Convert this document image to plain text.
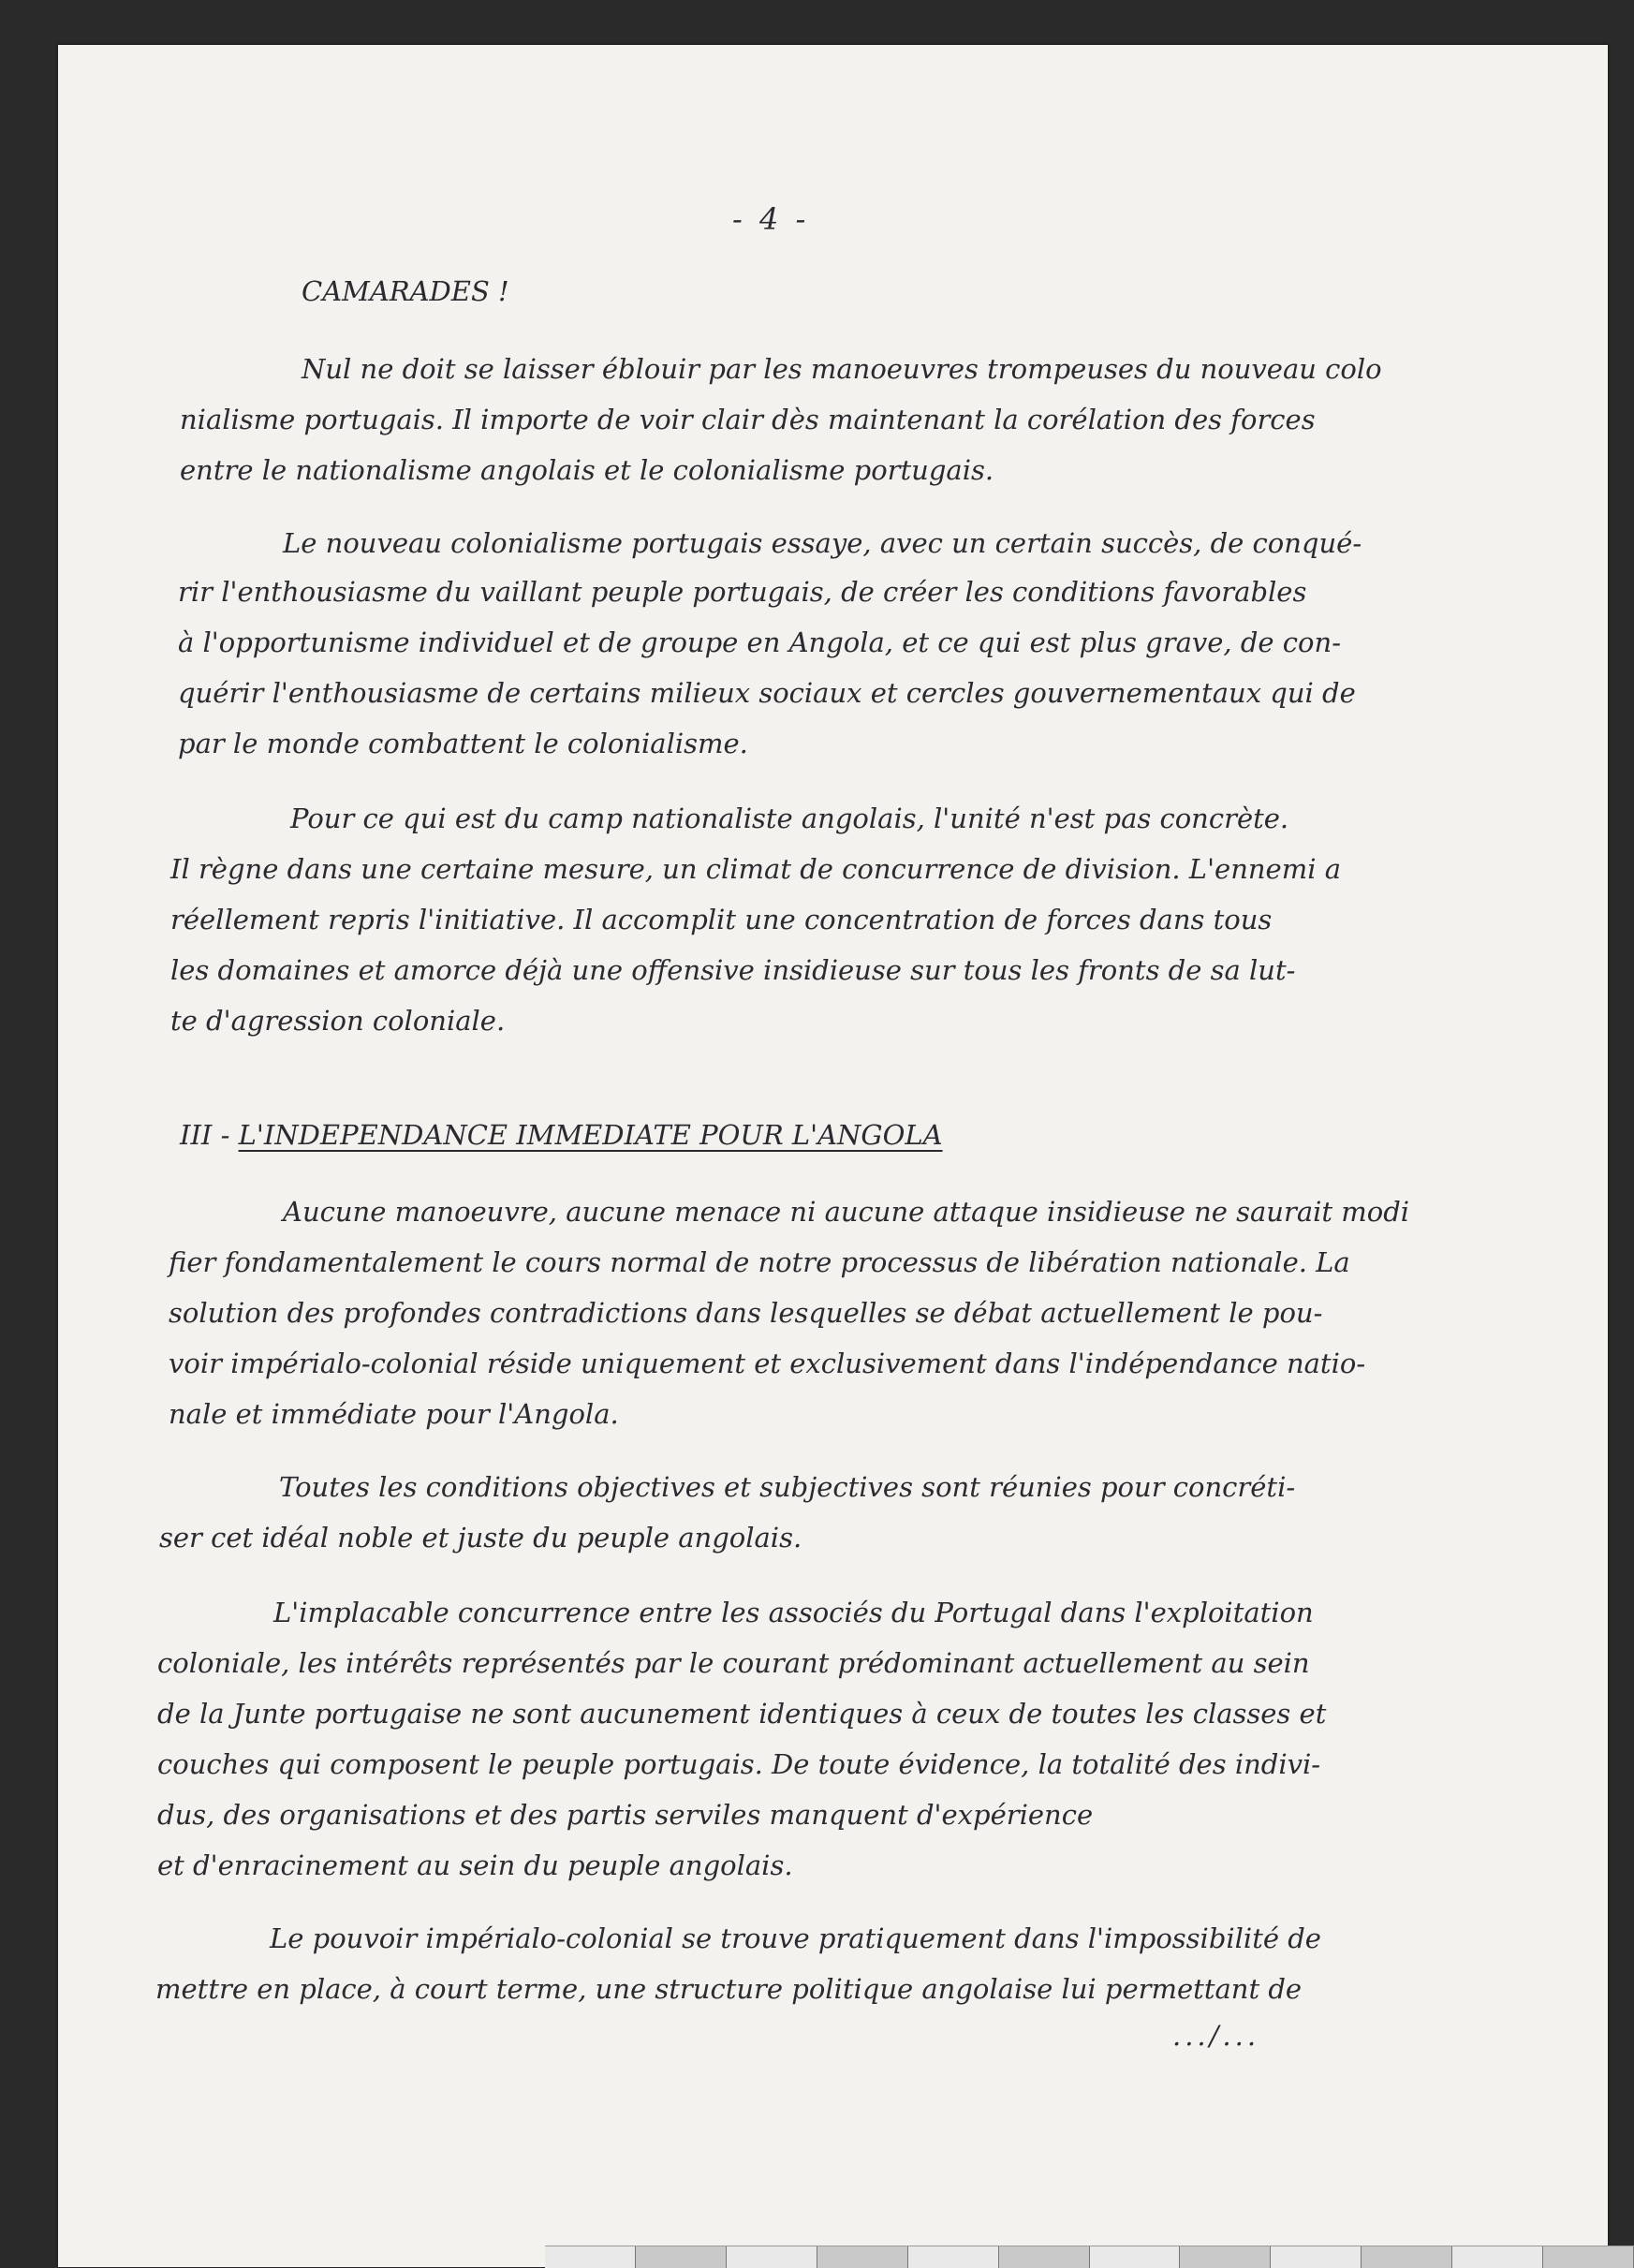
- 4 -
CAMARADES !
Nul ne doit se laisser éblouir par les manoeuvres trompeuses du nouveau colo
nialisme portugais. Il importe de voir clair dès maintenant la corélation des forces
entre le nationalisme angolais et le colonialisme portugais.
Le nouveau colonialisme portugais essaye, avec un certain succès, de conqué-
rir l'enthousiasme du vaillant peuple portugais, de créer les conditions favorables
à l'opportunisme individuel et de groupe en Angola, et ce qui est plus grave, de con-
quérir l'enthousiasme de certains milieux sociaux et cercles gouvernementaux qui de
par le monde combattent le colonialisme.
Pour ce qui est du camp nationaliste angolais, l'unité n'est pas concrète.
Il règne dans une certaine mesure, un climat de concurrence de division. L'ennemi a
réellement repris l'initiative. Il accomplit une concentration de forces dans tous
les domaines et amorce déjà une offensive insidieuse sur tous les fronts de sa lut-
te d'agression coloniale.
III - L'INDEPENDANCE IMMEDIATE POUR L'ANGOLA
Aucune manoeuvre, aucune menace ni aucune attaque insidieuse ne saurait modi
fier fondamentalement le cours normal de notre processus de libération nationale. La
solution des profondes contradictions dans lesquelles se débat actuellement le pou-
voir impérialo-colonial réside uniquement et exclusivement dans l'indépendance natio-
nale et immédiate pour l'Angola.
Toutes les conditions objectives et subjectives sont réunies pour concréti-
ser cet idéal noble et juste du peuple angolais.
L'implacable concurrence entre les associés du Portugal dans l'exploitation
coloniale, les intérêts représentés par le courant prédominant actuellement au sein
de la Junte portugaise ne sont aucunement identiques à ceux de toutes les classes et
couches qui composent le peuple portugais. De toute évidence, la totalité des indivi-
dus, des organisations et des partis serviles manquent d'expérience
et d'enracinement au sein du peuple angolais.
Le pouvoir impérialo-colonial se trouve pratiquement dans l'impossibilité de
mettre en place, à court terme, une structure politique angolaise lui permettant de
.../...
